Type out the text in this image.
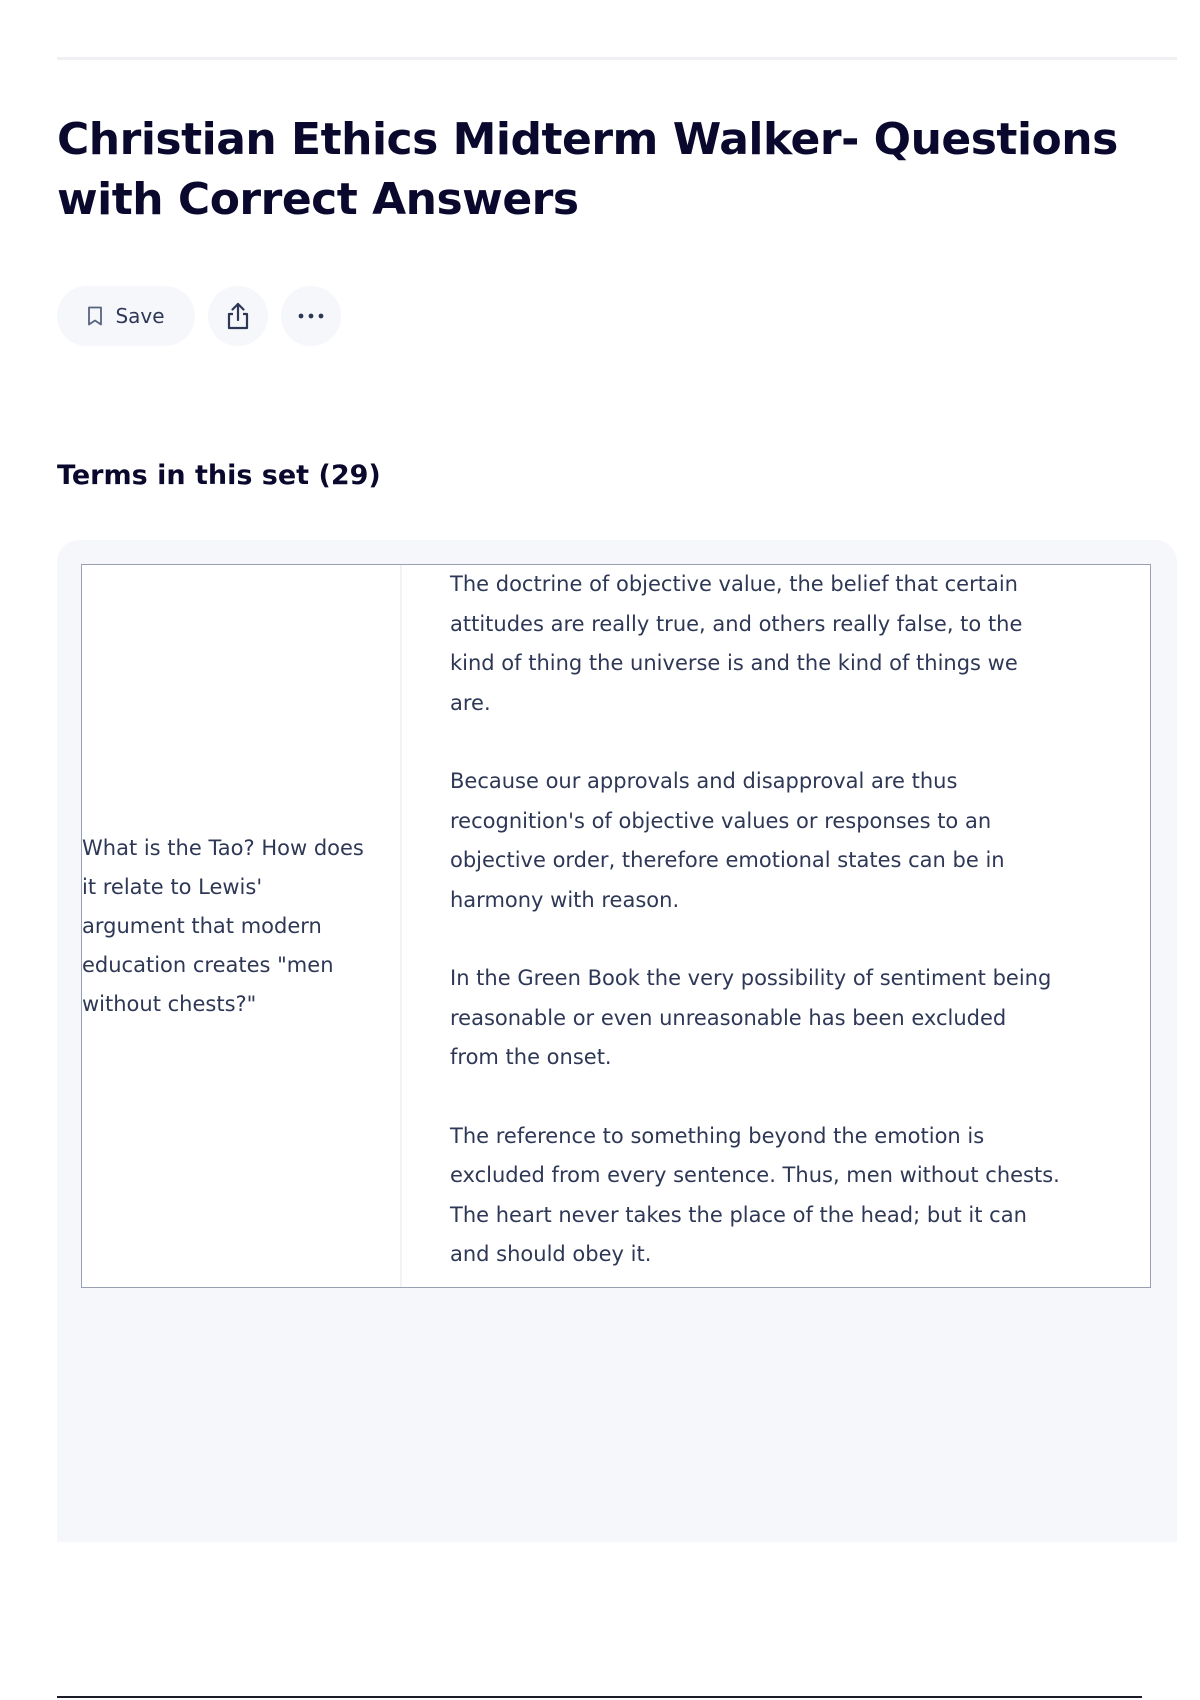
Christian Ethics Midterm Walker- Questions with Correct Answers
Save
Terms in this set (29)
What is the Tao? How does it relate to Lewis' argument that modern education creates "men without chests?"

The doctrine of objective value, the belief that certain attitudes are really true, and others really false, to the kind of thing the universe is and the kind of things we are.

Because our approvals and disapproval are thus recognition's of objective values or responses to an objective order, therefore emotional states can be in harmony with reason.

In the Green Book the very possibility of sentiment being reasonable or even unreasonable has been excluded from the onset.

The reference to something beyond the emotion is excluded from every sentence. Thus, men without chests. The heart never takes the place of the head; but it can and should obey it.
